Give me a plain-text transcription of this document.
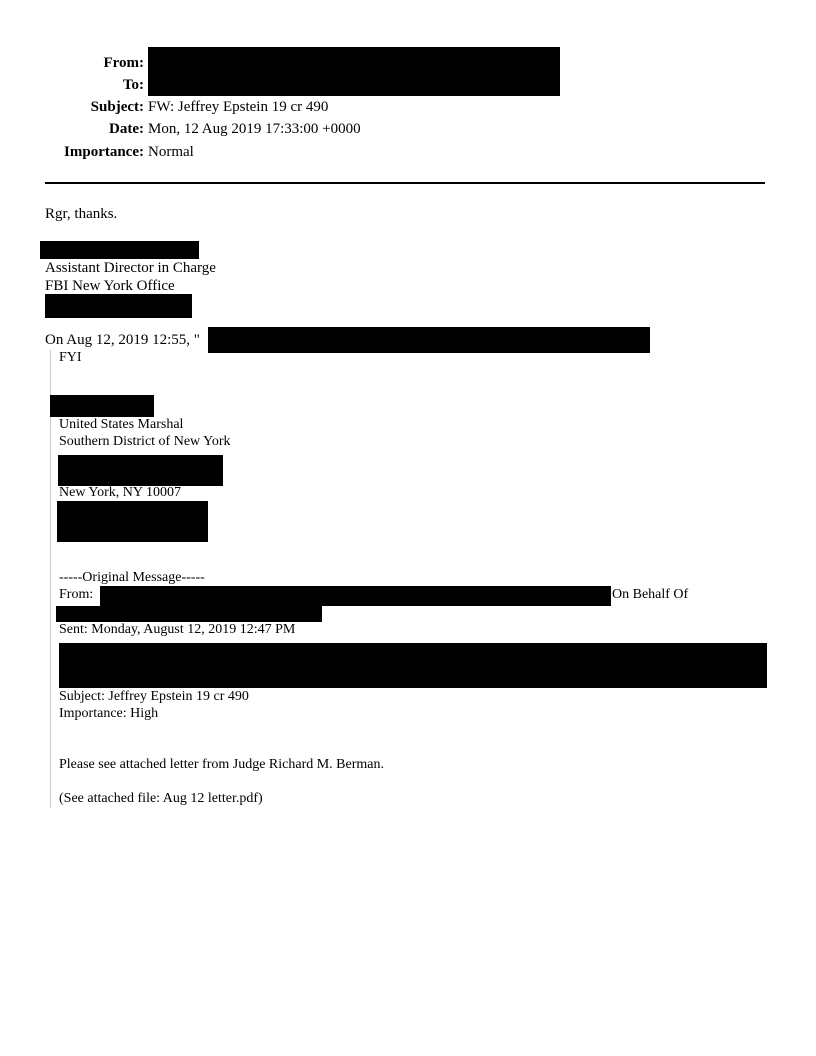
From:
To:
Subject: FW: Jeffrey Epstein 19 cr 490
Date: Mon, 12 Aug 2019 17:33:00 +0000
Importance: Normal
Rgr, thanks.
Assistant Director in Charge
FBI New York Office
On Aug 12, 2019 12:55, "
FYI
United States Marshal
Southern District of New York
New York, NY 10007
-----Original Message-----
From:	On Behalf Of
Sent: Monday, August 12, 2019 12:47 PM
Subject: Jeffrey Epstein 19 cr 490
Importance: High
Please see attached letter from Judge Richard M. Berman.
(See attached file: Aug 12 letter.pdf)
